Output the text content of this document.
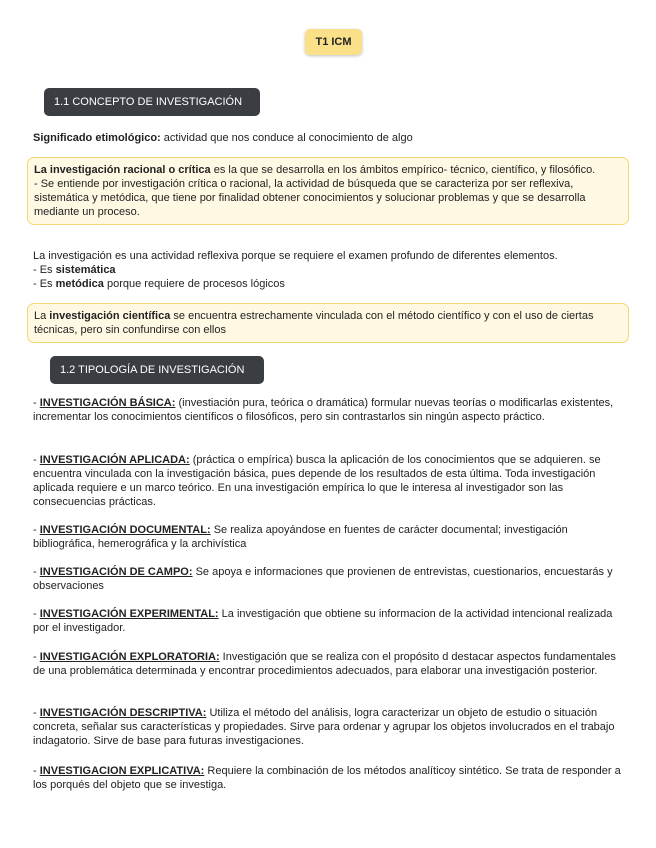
T1 ICM
1.1 CONCEPTO DE INVESTIGACIÓN

Significado etimológico: actividad que nos conduce al conocimiento de algo

La investigación racional o crítica es la que se desarrolla en los ámbitos empírico- técnico, científico, y filosófico.

- Se entiende por investigación crítica o racional, la actividad de búsqueda que se caracteriza por ser reflexiva, sistemática y metódica, que tiene por finalidad obtener conocimientos y solucionar problemas y que se desarrolla mediante un proceso.

La investigación es una actividad reflexiva porque se requiere el examen profundo de diferentes elementos.

- Es sistemática

- Es metódica porque requiere de procesos lógicos

La investigación científica se encuentra estrechamente vinculada con el método científico y con el uso de ciertas técnicas, pero sin confundirse con ellos

1.2 TIPOLOGÍA DE INVESTIGACIÓN

- INVESTIGACIÓN BÁSICA: (investiación pura, teórica o dramática) formular nuevas teorías o modificarlas existentes, incrementar los conocimientos científicos o filosóficos, pero sin contrastarlos sin ningún aspecto práctico.

- INVESTIGACIÓN APLICADA: (práctica o empírica) busca la aplicación de los conocimientos que se adquieren. se encuentra vinculada con la investigación básica, pues depende de los resultados de esta última. Toda investigación aplicada requiere e un marco teórico. En una investigación empírica lo que le interesa al investigador son las consecuencias prácticas.

- INVESTIGACIÓN DOCUMENTAL: Se realiza apoyándose en fuentes de carácter documental; investigación bibliográfica, hemerográfica y la archivística

- INVESTIGACIÓN DE CAMPO: Se apoya e informaciones que provienen de entrevistas, cuestionarios, encuestarás y observaciones

- INVESTIGACIÓN EXPERIMENTAL: La investigación que obtiene su informacion de la actividad intencional realizada por el investigador.

- INVESTIGACIÓN EXPLORATORIA: Investigación que se realiza con el propósito d destacar aspectos fundamentales de una problemática determinada y encontrar procedimientos adecuados, para elaborar una investigación posterior.

- INVESTIGACIÓN DESCRIPTIVA: Utiliza el método del análisis, logra caracterizar un objeto de estudio o situación concreta, señalar sus características y propiedades. Sirve para ordenar y agrupar los objetos involucrados en el trabajo indagatorio. Sirve de base para futuras investigaciones.

- INVESTIGACION EXPLICATIVA: Requiere la combinación de los métodos analíticoy sintético. Se trata de responder a los porqués del objeto que se investiga.
